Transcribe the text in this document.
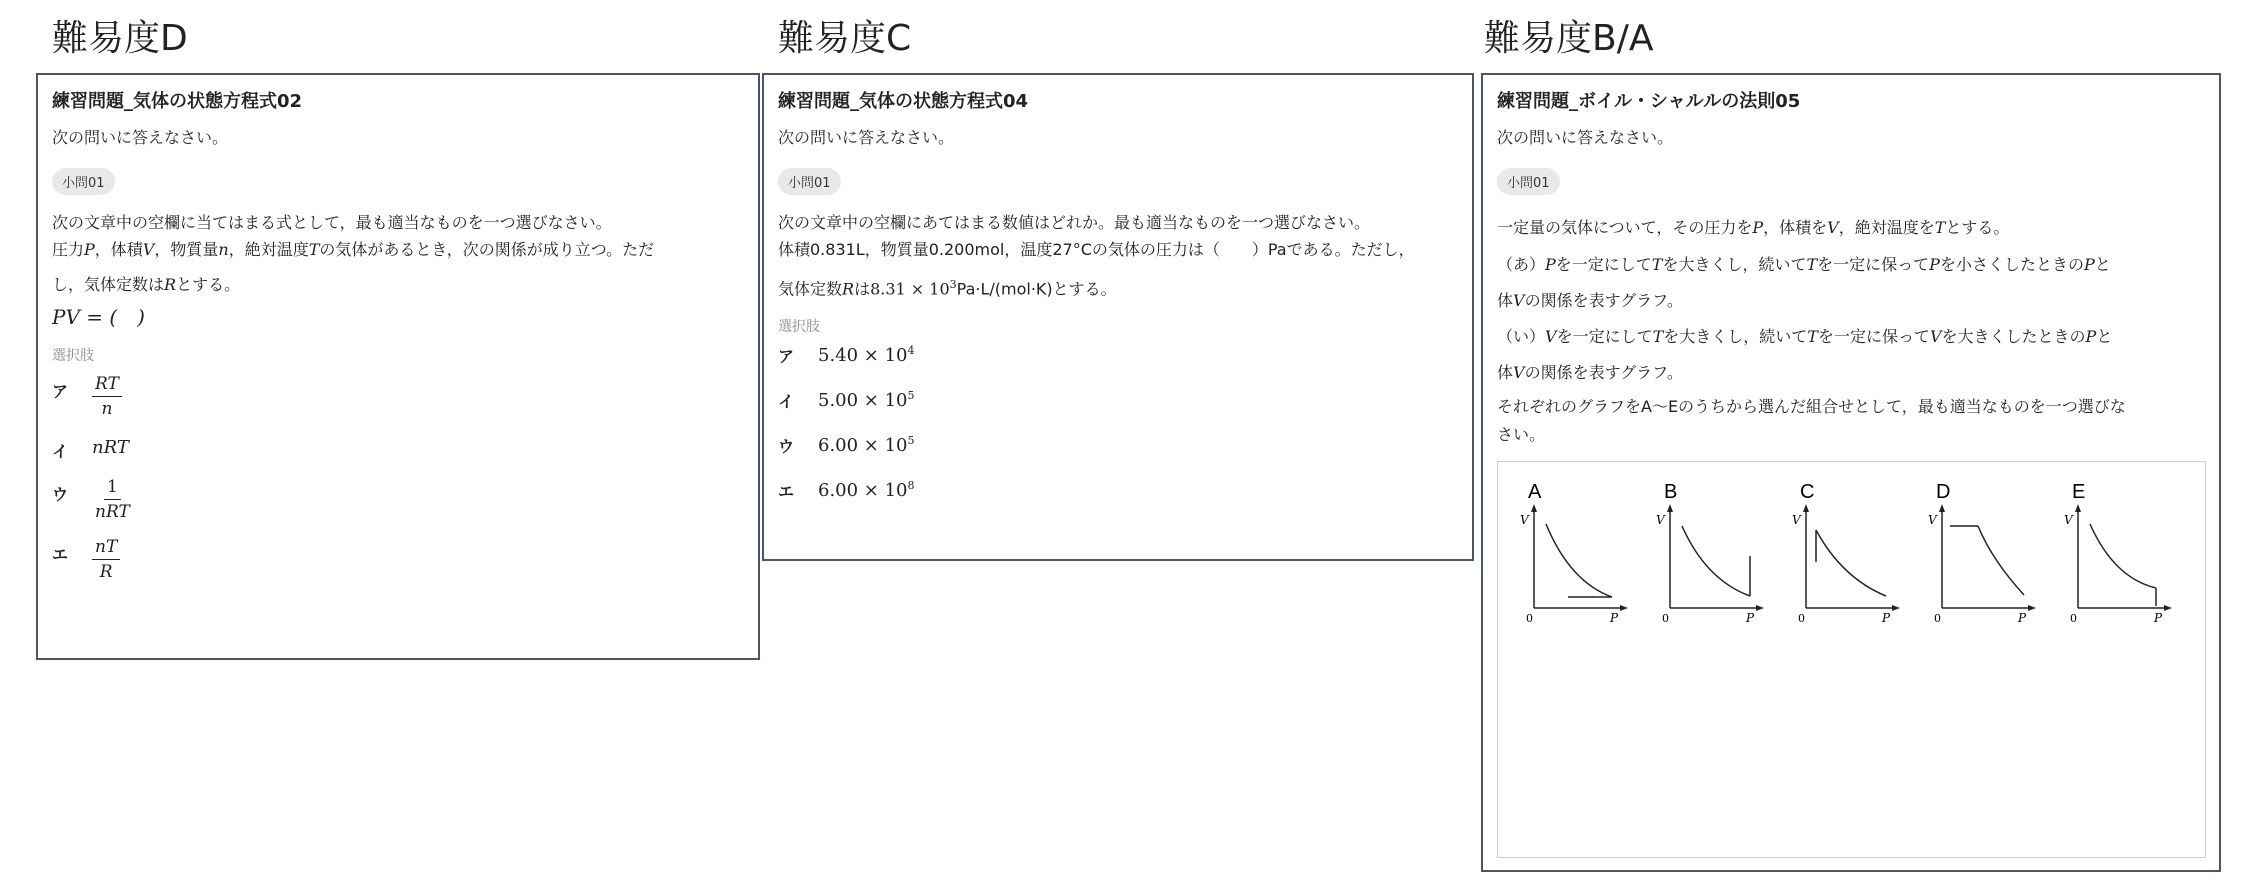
難易度D
練習問題_気体の状態方程式02
次の問いに答えなさい。
小問01
次の文章中の空欄に当てはまる式として，最も適当なものを一つ選びなさい。
圧力P，体積V，物質量n，絶対温度Tの気体があるとき，次の関係が成り立つ。ただ
し，気体定数はRとする。
PV = (　)
選択肢
ア	$\frac{RT}{n}$
イ	nRT
ウ	$\frac{1}{\text{nRT}}$
エ	$\frac{nT}{R}$
難易度C
練習問題_気体の状態方程式04
次の問いに答えなさい。
小問01
次の文章中の空欄にあてはまる数値はどれか。最も適当なものを一つ選びなさい。
体積0.831L，物質量0.200mol，温度27°Cの気体の圧力は（　　）Paである。ただし，
気体定数Rは$8.31 \times 10^3Pa\cdot L/(mol\cdot K)$とする。
選択肢
ア	$5.40 \times 10^4$
イ	$5.00 \times 10^5$
ウ	$6.00 \times 10^5$
エ	$6.00 \times 10^8$
難易度B/A
練習問題_ボイル・シャルルの法則05
次の問いに答えなさい。
小問01
一定量の気体について，その圧力をP，体積をV，絶対温度をTとする。
（あ）Pを一定にしてTを大きくし，続いてTを一定に保ってPを小さくしたときのPと
体Vの関係を表すグラフ。
（い）Vを一定にしてTを大きくし，続いてTを一定に保ってVを大きくしたときのPと
体Vの関係を表すグラフ。
それぞれのグラフをA〜Eのうちから選んだ組合せとして，最も適当なものを一つ選びな
さい。
A
V
0	P
B
V
0	P
C
V
0	P
D
V
0	P
E
V
0	P
